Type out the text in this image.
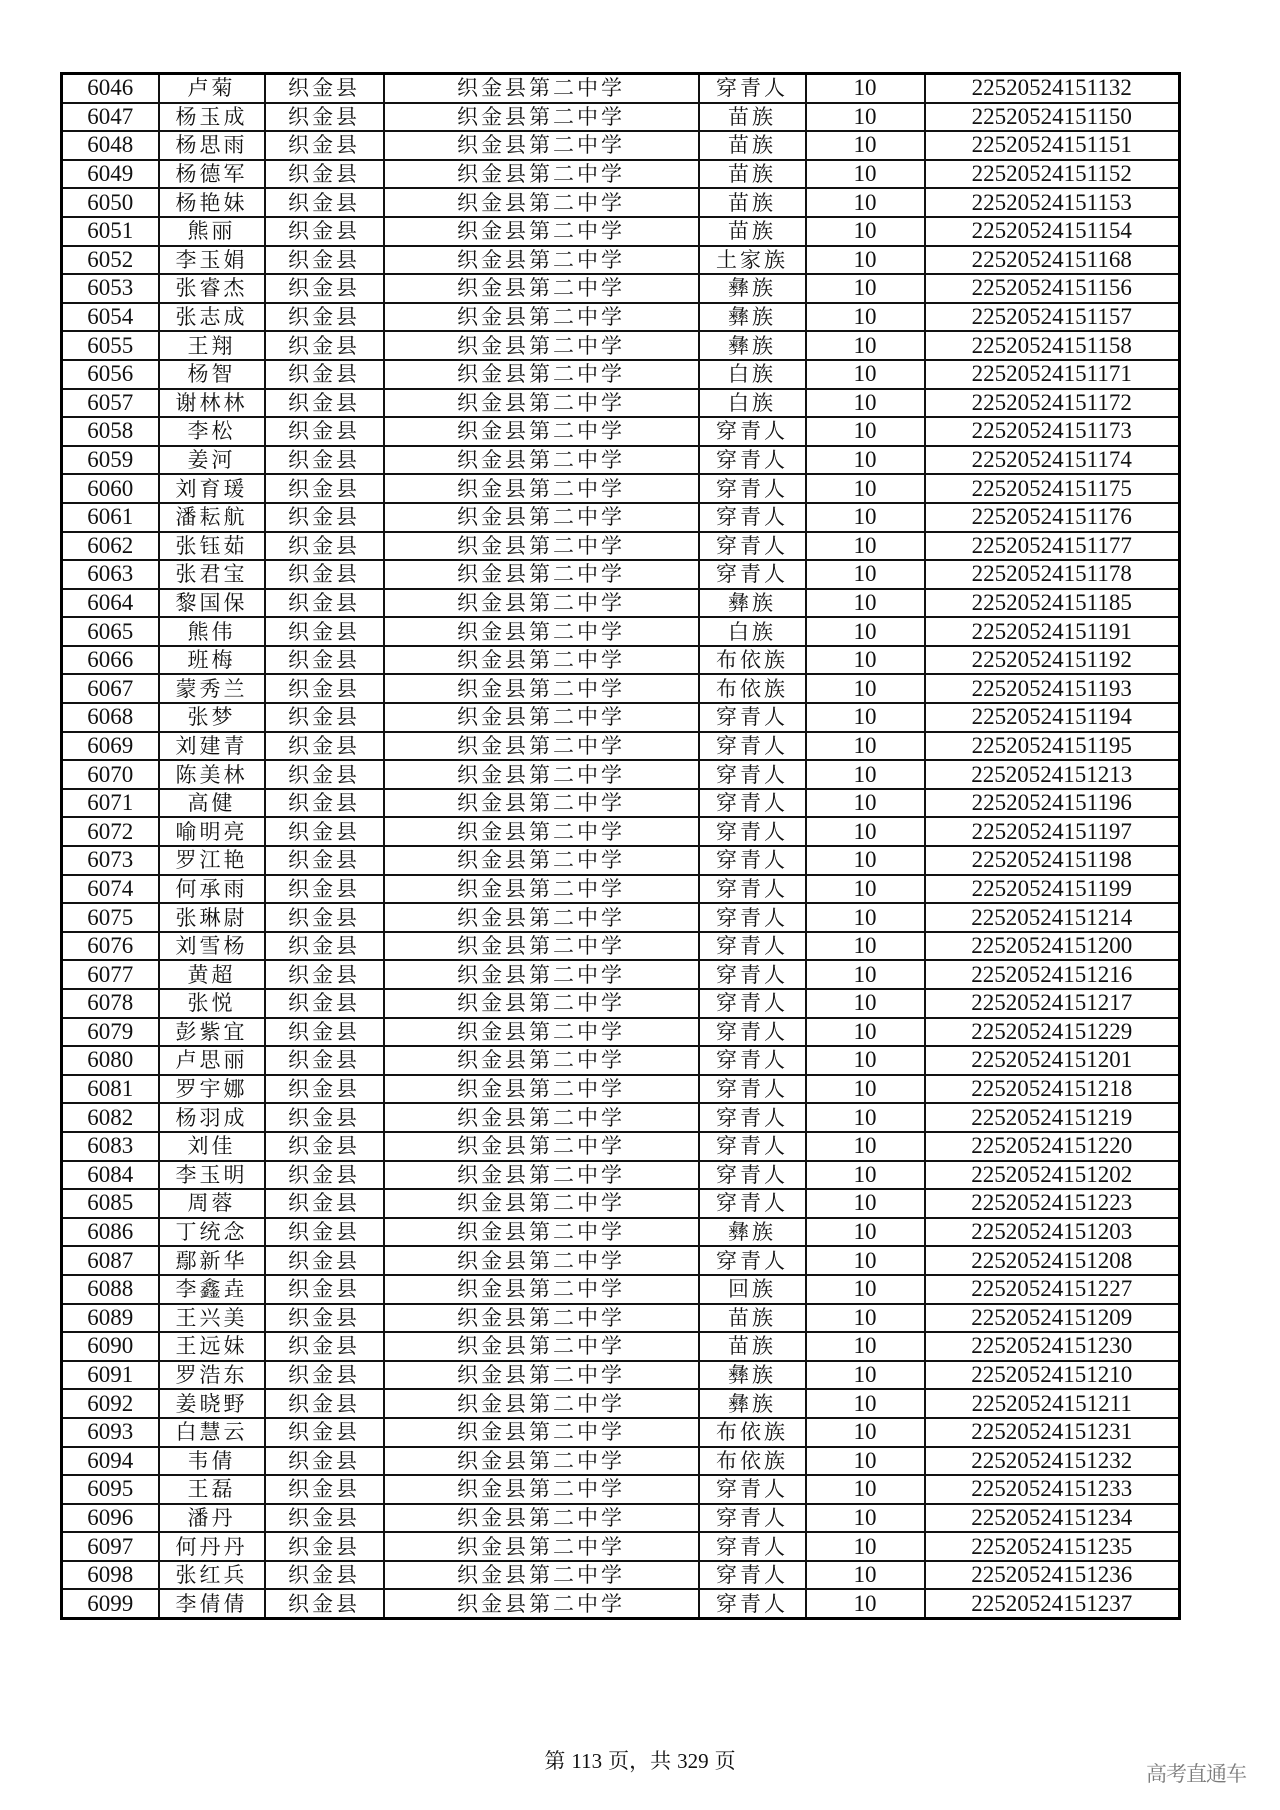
6046	卢菊	织金县	织金县第二中学	穿青人	10	22520524151132
6047	杨玉成	织金县	织金县第二中学	苗族	10	22520524151150
6048	杨思雨	织金县	织金县第二中学	苗族	10	22520524151151
6049	杨德军	织金县	织金县第二中学	苗族	10	22520524151152
6050	杨艳妹	织金县	织金县第二中学	苗族	10	22520524151153
6051	熊丽	织金县	织金县第二中学	苗族	10	22520524151154
6052	李玉娟	织金县	织金县第二中学	土家族	10	22520524151168
6053	张睿杰	织金县	织金县第二中学	彝族	10	22520524151156
6054	张志成	织金县	织金县第二中学	彝族	10	22520524151157
6055	王翔	织金县	织金县第二中学	彝族	10	22520524151158
6056	杨智	织金县	织金县第二中学	白族	10	22520524151171
6057	谢林林	织金县	织金县第二中学	白族	10	22520524151172
6058	李松	织金县	织金县第二中学	穿青人	10	22520524151173
6059	姜河	织金县	织金县第二中学	穿青人	10	22520524151174
6060	刘育瑗	织金县	织金县第二中学	穿青人	10	22520524151175
6061	潘耘航	织金县	织金县第二中学	穿青人	10	22520524151176
6062	张钰茹	织金县	织金县第二中学	穿青人	10	22520524151177
6063	张君宝	织金县	织金县第二中学	穿青人	10	22520524151178
6064	黎国保	织金县	织金县第二中学	彝族	10	22520524151185
6065	熊伟	织金县	织金县第二中学	白族	10	22520524151191
6066	班梅	织金县	织金县第二中学	布依族	10	22520524151192
6067	蒙秀兰	织金县	织金县第二中学	布依族	10	22520524151193
6068	张梦	织金县	织金县第二中学	穿青人	10	22520524151194
6069	刘建青	织金县	织金县第二中学	穿青人	10	22520524151195
6070	陈美林	织金县	织金县第二中学	穿青人	10	22520524151213
6071	高健	织金县	织金县第二中学	穿青人	10	22520524151196
6072	喻明亮	织金县	织金县第二中学	穿青人	10	22520524151197
6073	罗江艳	织金县	织金县第二中学	穿青人	10	22520524151198
6074	何承雨	织金县	织金县第二中学	穿青人	10	22520524151199
6075	张琳尉	织金县	织金县第二中学	穿青人	10	22520524151214
6076	刘雪杨	织金县	织金县第二中学	穿青人	10	22520524151200
6077	黄超	织金县	织金县第二中学	穿青人	10	22520524151216
6078	张悦	织金县	织金县第二中学	穿青人	10	22520524151217
6079	彭紫宜	织金县	织金县第二中学	穿青人	10	22520524151229
6080	卢思丽	织金县	织金县第二中学	穿青人	10	22520524151201
6081	罗宇娜	织金县	织金县第二中学	穿青人	10	22520524151218
6082	杨羽成	织金县	织金县第二中学	穿青人	10	22520524151219
6083	刘佳	织金县	织金县第二中学	穿青人	10	22520524151220
6084	李玉明	织金县	织金县第二中学	穿青人	10	22520524151202
6085	周蓉	织金县	织金县第二中学	穿青人	10	22520524151223
6086	丁统念	织金县	织金县第二中学	彝族	10	22520524151203
6087	鄢新华	织金县	织金县第二中学	穿青人	10	22520524151208
6088	李鑫垚	织金县	织金县第二中学	回族	10	22520524151227
6089	王兴美	织金县	织金县第二中学	苗族	10	22520524151209
6090	王远妹	织金县	织金县第二中学	苗族	10	22520524151230
6091	罗浩东	织金县	织金县第二中学	彝族	10	22520524151210
6092	姜晓野	织金县	织金县第二中学	彝族	10	22520524151211
6093	白慧云	织金县	织金县第二中学	布依族	10	22520524151231
6094	韦倩	织金县	织金县第二中学	布依族	10	22520524151232
6095	王磊	织金县	织金县第二中学	穿青人	10	22520524151233
6096	潘丹	织金县	织金县第二中学	穿青人	10	22520524151234
6097	何丹丹	织金县	织金县第二中学	穿青人	10	22520524151235
6098	张红兵	织金县	织金县第二中学	穿青人	10	22520524151236
6099	李倩倩	织金县	织金县第二中学	穿青人	10	22520524151237
第 113 页，共 329 页
高考直通车
